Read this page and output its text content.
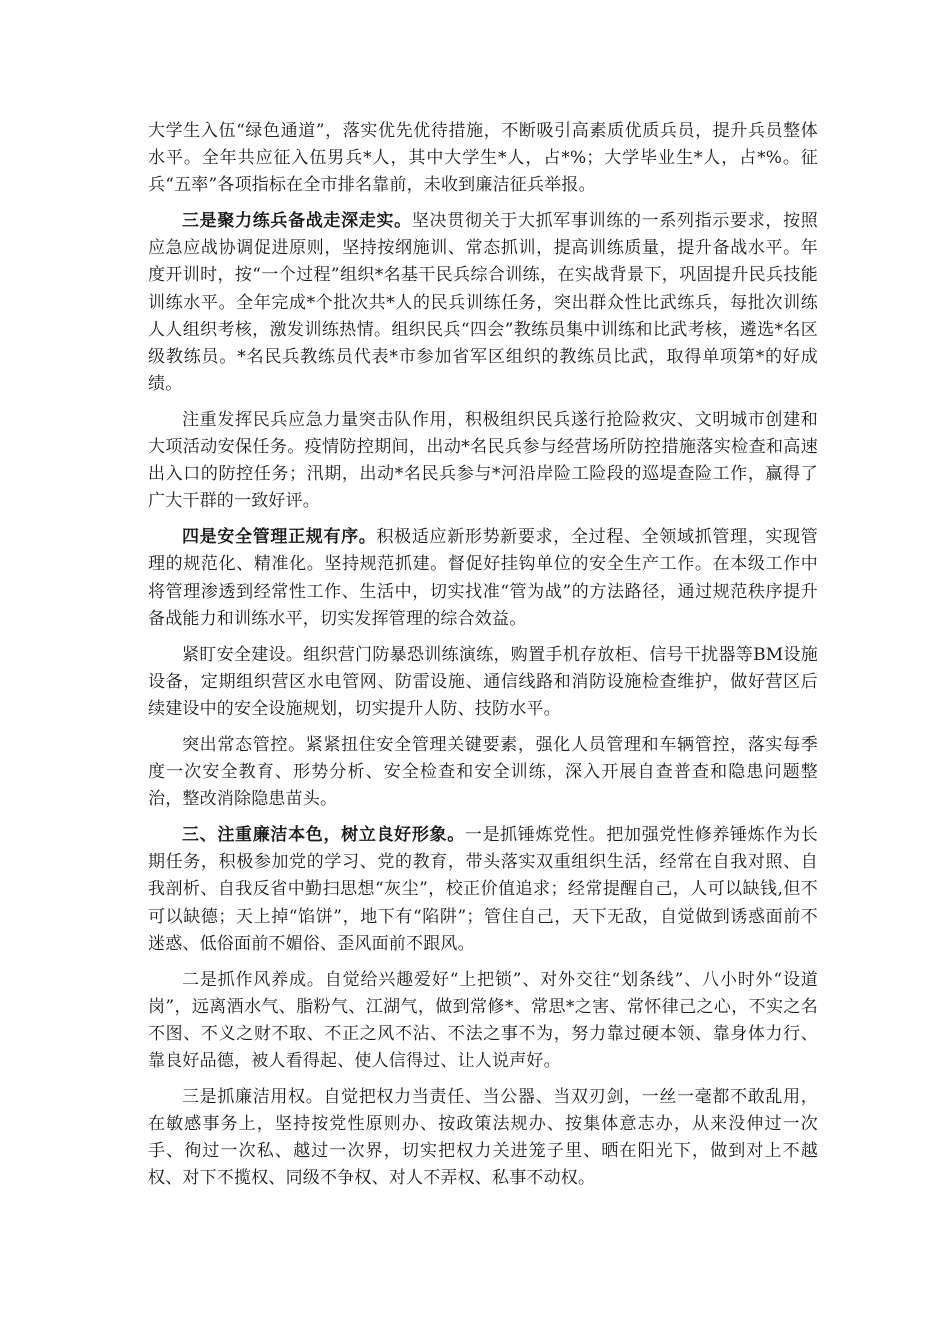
大学生入伍“绿色通道”，落实优先优待措施，不断吸引高素质优质兵员，提升兵员整体水平。全年共应征入伍男兵*人，其中大学生*人，占*%；大学毕业生*人，占*%。征兵“五率”各项指标在全市排名靠前，未收到廉洁征兵举报。

三是聚力练兵备战走深走实。坚决贯彻关于大抓军事训练的一系列指示要求，按照应急应战协调促进原则，坚持按纲施训、常态抓训，提高训练质量，提升备战水平。年度开训时，按“一个过程”组织*名基干民兵综合训练，在实战背景下，巩固提升民兵技能训练水平。全年完成*个批次共*人的民兵训练任务，突出群众性比武练兵，每批次训练人人组织考核，激发训练热情。组织民兵“四会”教练员集中训练和比武考核，遴选*名区级教练员。*名民兵教练员代表*市参加省军区组织的教练员比武，取得单项第*的好成绩。

注重发挥民兵应急力量突击队作用，积极组织民兵遂行抢险救灾、文明城市创建和大项活动安保任务。疫情防控期间，出动*名民兵参与经营场所防控措施落实检查和高速出入口的防控任务；汛期，出动*名民兵参与*河沿岸险工险段的巡堤查险工作，赢得了广大干群的一致好评。

四是安全管理正规有序。积极适应新形势新要求，全过程、全领域抓管理，实现管理的规范化、精准化。坚持规范抓建。督促好挂钩单位的安全生产工作。在本级工作中将管理渗透到经常性工作、生活中，切实找准“管为战”的方法路径，通过规范秩序提升备战能力和训练水平，切实发挥管理的综合效益。

紧盯安全建设。组织营门防暴恐训练演练，购置手机存放柜、信号干扰器等BM设施设备，定期组织营区水电管网、防雷设施、通信线路和消防设施检查维护，做好营区后续建设中的安全设施规划，切实提升人防、技防水平。

突出常态管控。紧紧扭住安全管理关键要素，强化人员管理和车辆管控，落实每季度一次安全教育、形势分析、安全检查和安全训练，深入开展自查普查和隐患问题整治，整改消除隐患苗头。

三、注重廉洁本色，树立良好形象。一是抓锤炼党性。把加强党性修养锤炼作为长期任务，积极参加党的学习、党的教育，带头落实双重组织生活，经常在自我对照、自我剖析、自我反省中勤扫思想“灰尘”，校正价值追求；经常提醒自己，人可以缺钱,但不可以缺德；天上掉“馅饼”，地下有“陷阱”；管住自己，天下无敌，自觉做到诱惑面前不迷惑、低俗面前不媚俗、歪风面前不跟风。

二是抓作风养成。自觉给兴趣爱好“上把锁”、对外交往“划条线”、八小时外“设道岗”，远离酒水气、脂粉气、江湖气，做到常修*、常思*之害、常怀律己之心，不实之名不图、不义之财不取、不正之风不沾、不法之事不为，努力靠过硬本领、靠身体力行、靠良好品德，被人看得起、使人信得过、让人说声好。

三是抓廉洁用权。自觉把权力当责任、当公器、当双刃剑，一丝一毫都不敢乱用，在敏感事务上，坚持按党性原则办、按政策法规办、按集体意志办，从来没伸过一次手、徇过一次私、越过一次界，切实把权力关进笼子里、晒在阳光下，做到对上不越权、对下不揽权、同级不争权、对人不弄权、私事不动权。
